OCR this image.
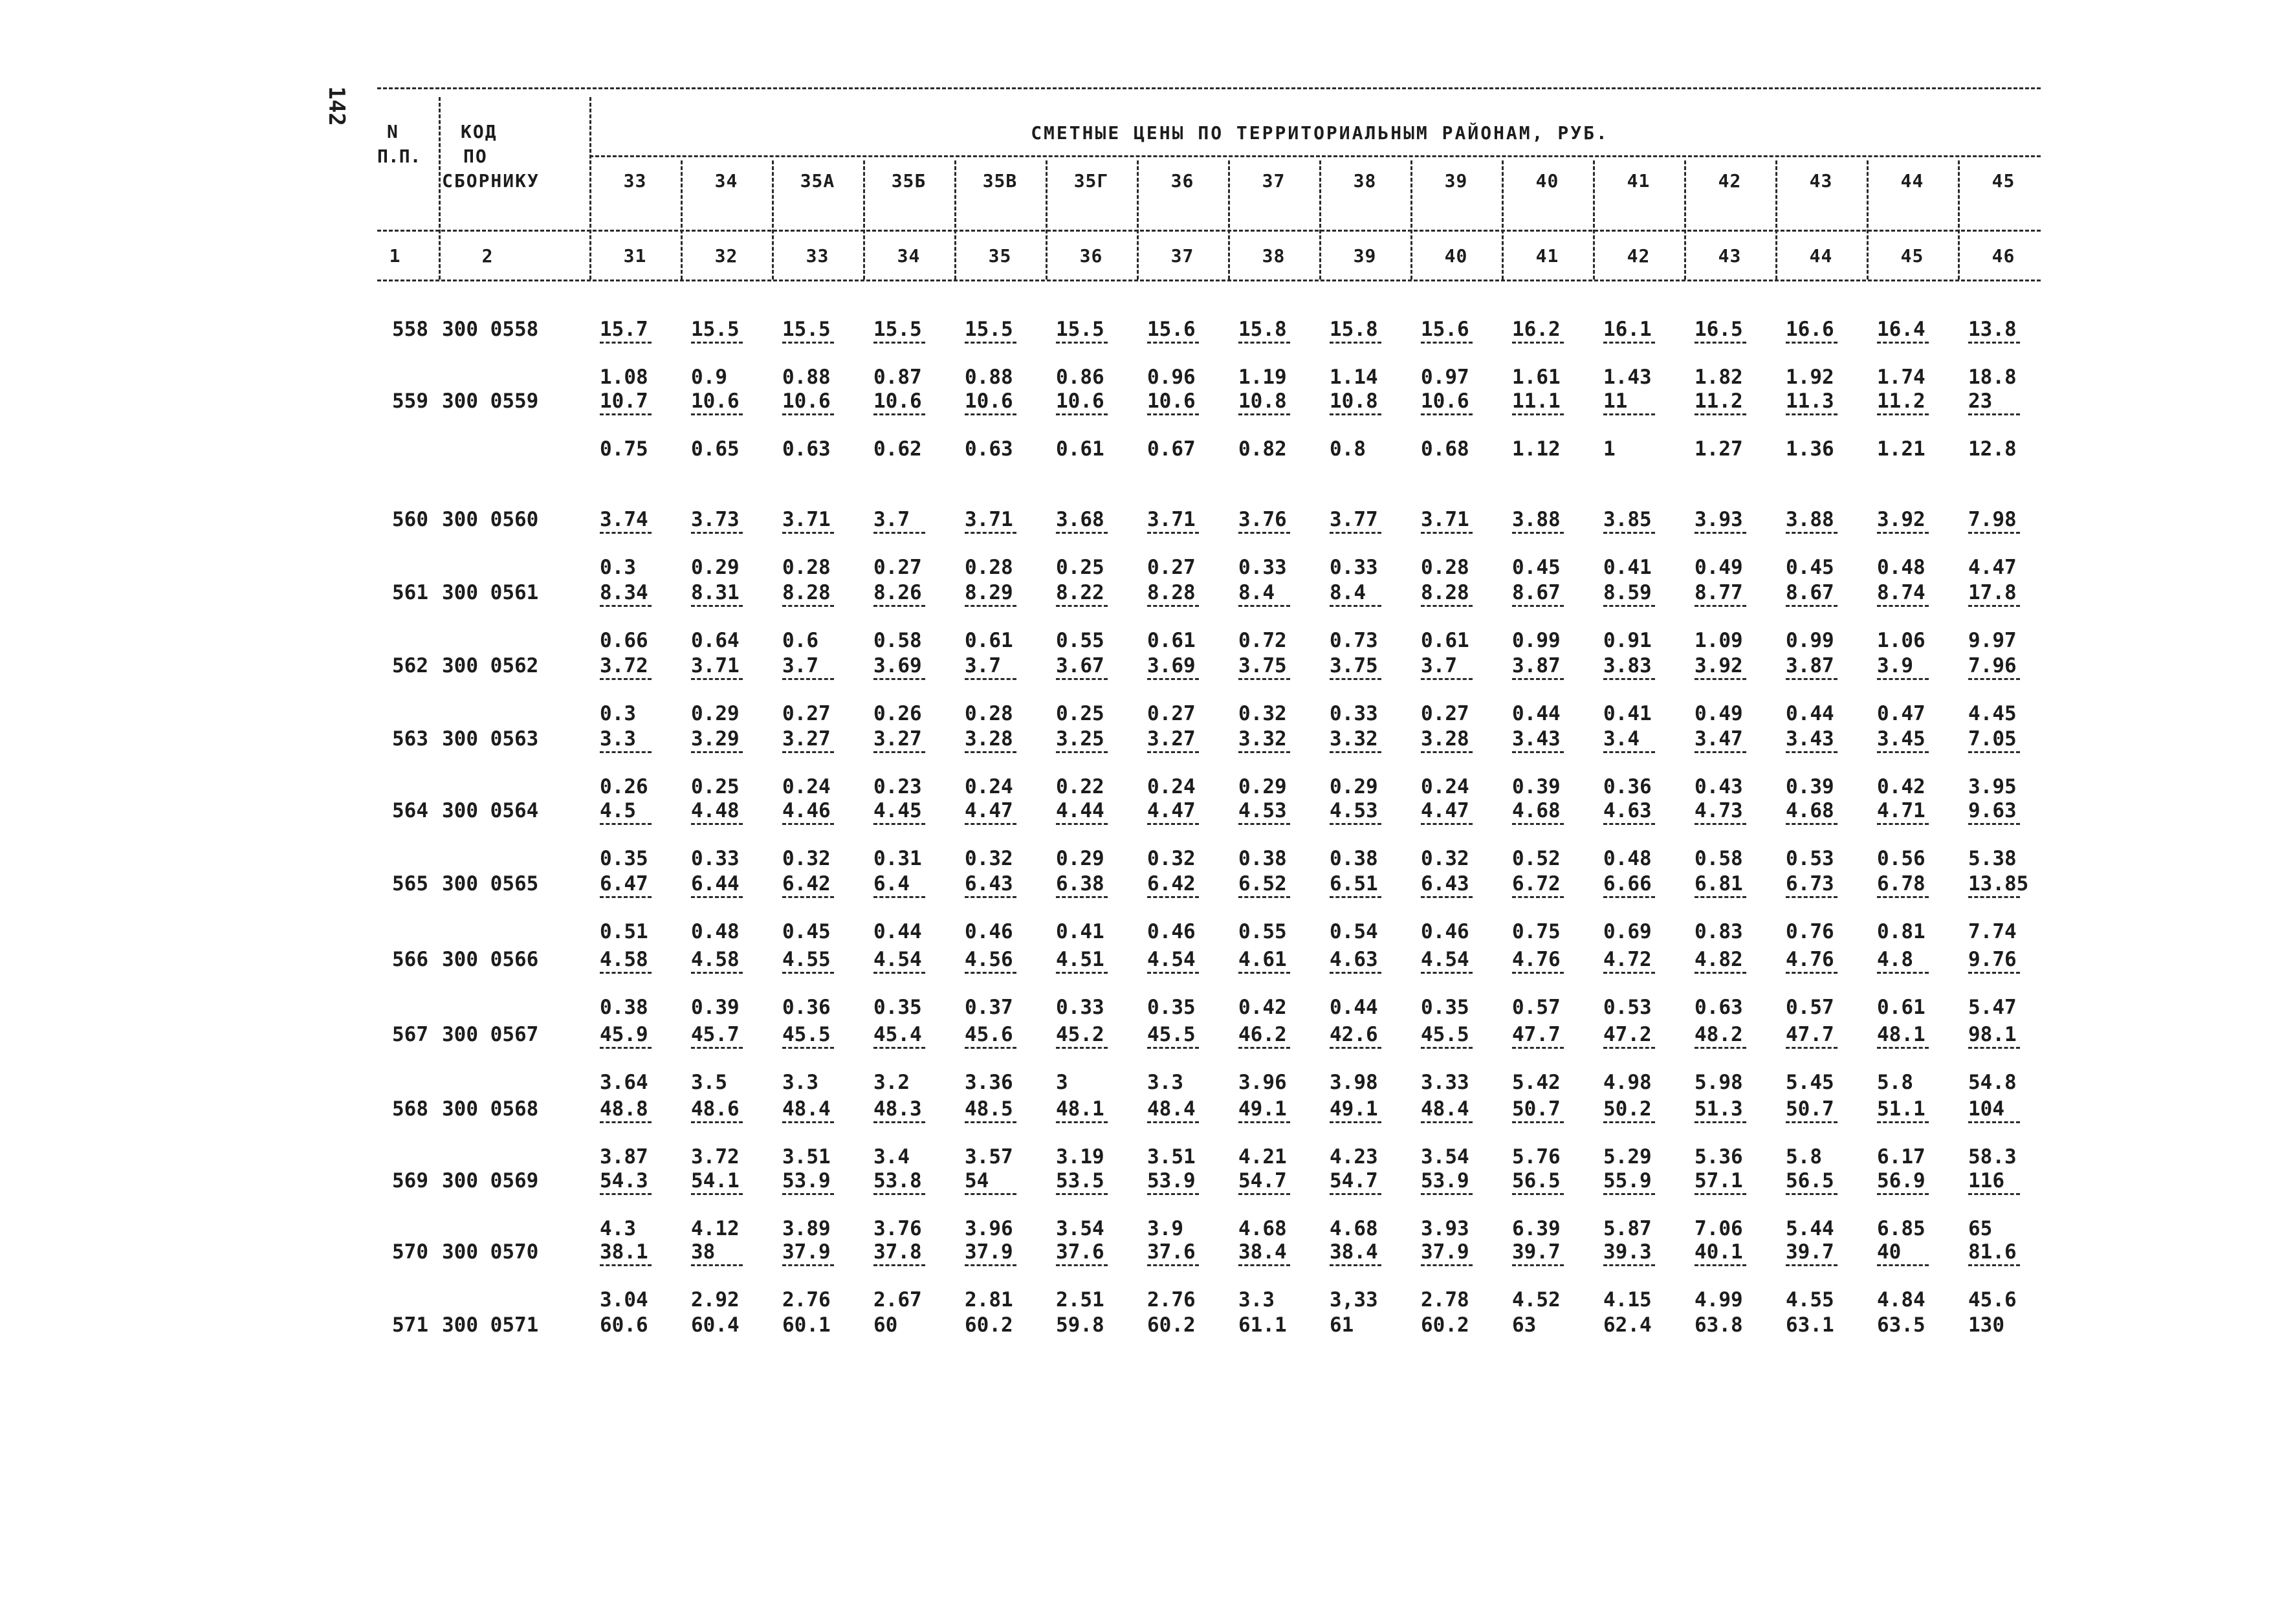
142
N
П.П.
КОД
ПО
СБОРНИКУ
СМЕТНЫЕ ЦЕНЫ ПО ТЕРРИТОРИАЛЬНЫМ РАЙОНАМ, РУБ.
33	34	35А	35Б	35В	35Г	36	37	38	39	40	41	42	43	44	45
1	2	31	32	33	34	35	36	37	38	39	40	41	42	43	44	45	46
558 300 0558	15.7 15.5 15.5 15.5 15.5 15.5 15.6 15.8 15.8 15.6 16.2 16.1 16.5 16.6 16.4 13.8
1.08 0.9	0.88 0.87 0.88 0.86 0.96 1.19 1.14 0.97 1.61 1.43 1.82 1.92 1.74 18.8
559 300 0559	10.7 10.6 10.6 10.6 10.6 10.6 10.6 10.8 10.8 10.6 11.1 11	11.2 11.3 11.2 23
0.75 0.65 0.63 0.62 0.63 0.61 0.67 0.82 0.8	0.68 1.12 1	1.27 1.36 1.21 12.8
560 300 0560	3.74 3.73 3.71 3.7	3.71 3.68 3.71 3.76 3.77 3.71 3.88 3.85 3.93 3.88 3.92 7.98
0.3	0.29 0.28 0.27 0.28 0.25 0.27 0.33 0.33 0.28 0.45 0.41 0.49 0.45 0.48 4.47
561 300 0561	8.34 8.31 8.28 8.26 8.29 8.22 8.28 8.4	8.4	8.28 8.67 8.59 8.77 8.67 8.74 17.8
0.66 0.64 0.6	0.58 0.61 0.55 0.61 0.72 0.73 0.61 0.99 0.91 1.09 0.99 1.06 9.97
562 300 0562	3.72 3.71 3.7	3.69 3.7	3.67 3.69 3.75 3.75 3.7	3.87 3.83 3.92 3.87 3.9	7.96
0.3	0.29 0.27 0.26 0.28 0.25 0.27 0.32 0.33 0.27 0.44 0.41 0.49 0.44 0.47 4.45
563 300 0563	3.3	3.29 3.27 3.27 3.28 3.25 3.27 3.32 3.32 3.28 3.43 3.4	3.47 3.43 3.45 7.05
0.26 0.25 0.24 0.23 0.24 0.22 0.24 0.29 0.29 0.24 0.39 0.36 0.43 0.39 0.42 3.95
564 300 0564	4.5	4.48 4.46 4.45 4.47 4.44 4.47 4.53 4.53 4.47 4.68 4.63 4.73 4.68 4.71 9.63
0.35 0.33 0.32 0.31 0.32 0.29 0.32 0.38 0.38 0.32 0.52 0.48 0.58 0.53 0.56 5.38
565 300 0565	6.47 6.44 6.42 6.4	6.43 6.38 6.42 6.52 6.51 6.43 6.72 6.66 6.81 6.73 6.78 13.85
0.51 0.48 0.45 0.44 0.46 0.41 0.46 0.55 0.54 0.46 0.75 0.69 0.83 0.76 0.81 7.74
566 300 0566	4.58 4.58 4.55 4.54 4.56 4.51 4.54 4.61 4.63 4.54 4.76 4.72 4.82 4.76 4.8	9.76
0.38 0.39 0.36 0.35 0.37 0.33 0.35 0.42 0.44 0.35 0.57 0.53 0.63 0.57 0.61 5.47
567 300 0567	45.9 45.7 45.5 45.4 45.6 45.2 45.5 46.2 42.6 45.5 47.7 47.2 48.2 47.7 48.1 98.1
3.64 3.5	3.3	3.2	3.36 3	3.3	3.96 3.98 3.33 5.42 4.98 5.98 5.45 5.8	54.8
568 300 0568	48.8 48.6 48.4 48.3 48.5 48.1 48.4 49.1 49.1 48.4 50.7 50.2 51.3 50.7 51.1 104
3.87 3.72 3.51 3.4	3.57 3.19 3.51 4.21 4.23 3.54 5.76 5.29 5.36 5.8	6.17 58.3
569 300 0569	54.3 54.1 53.9 53.8 54	53.5 53.9 54.7 54.7 53.9 56.5 55.9 57.1 56.5 56.9 116
4.3	4.12 3.89 3.76 3.96 3.54 3.9	4.68 4.68 3.93 6.39 5.87 7.06 5.44 6.85 65
570 300 0570	38.1 38	37.9 37.8 37.9 37.6 37.6 38.4 38.4 37.9 39.7 39.3 40.1 39.7 40	81.6
3.04 2.92 2.76 2.67 2.81 2.51 2.76 3.3	3,33 2.78 4.52 4.15 4.99 4.55 4.84 45.6
571 300 0571	60.6 60.4 60.1 60	60.2 59.8 60.2 61.1 61	60.2 63	62.4 63.8 63.1 63.5 130
